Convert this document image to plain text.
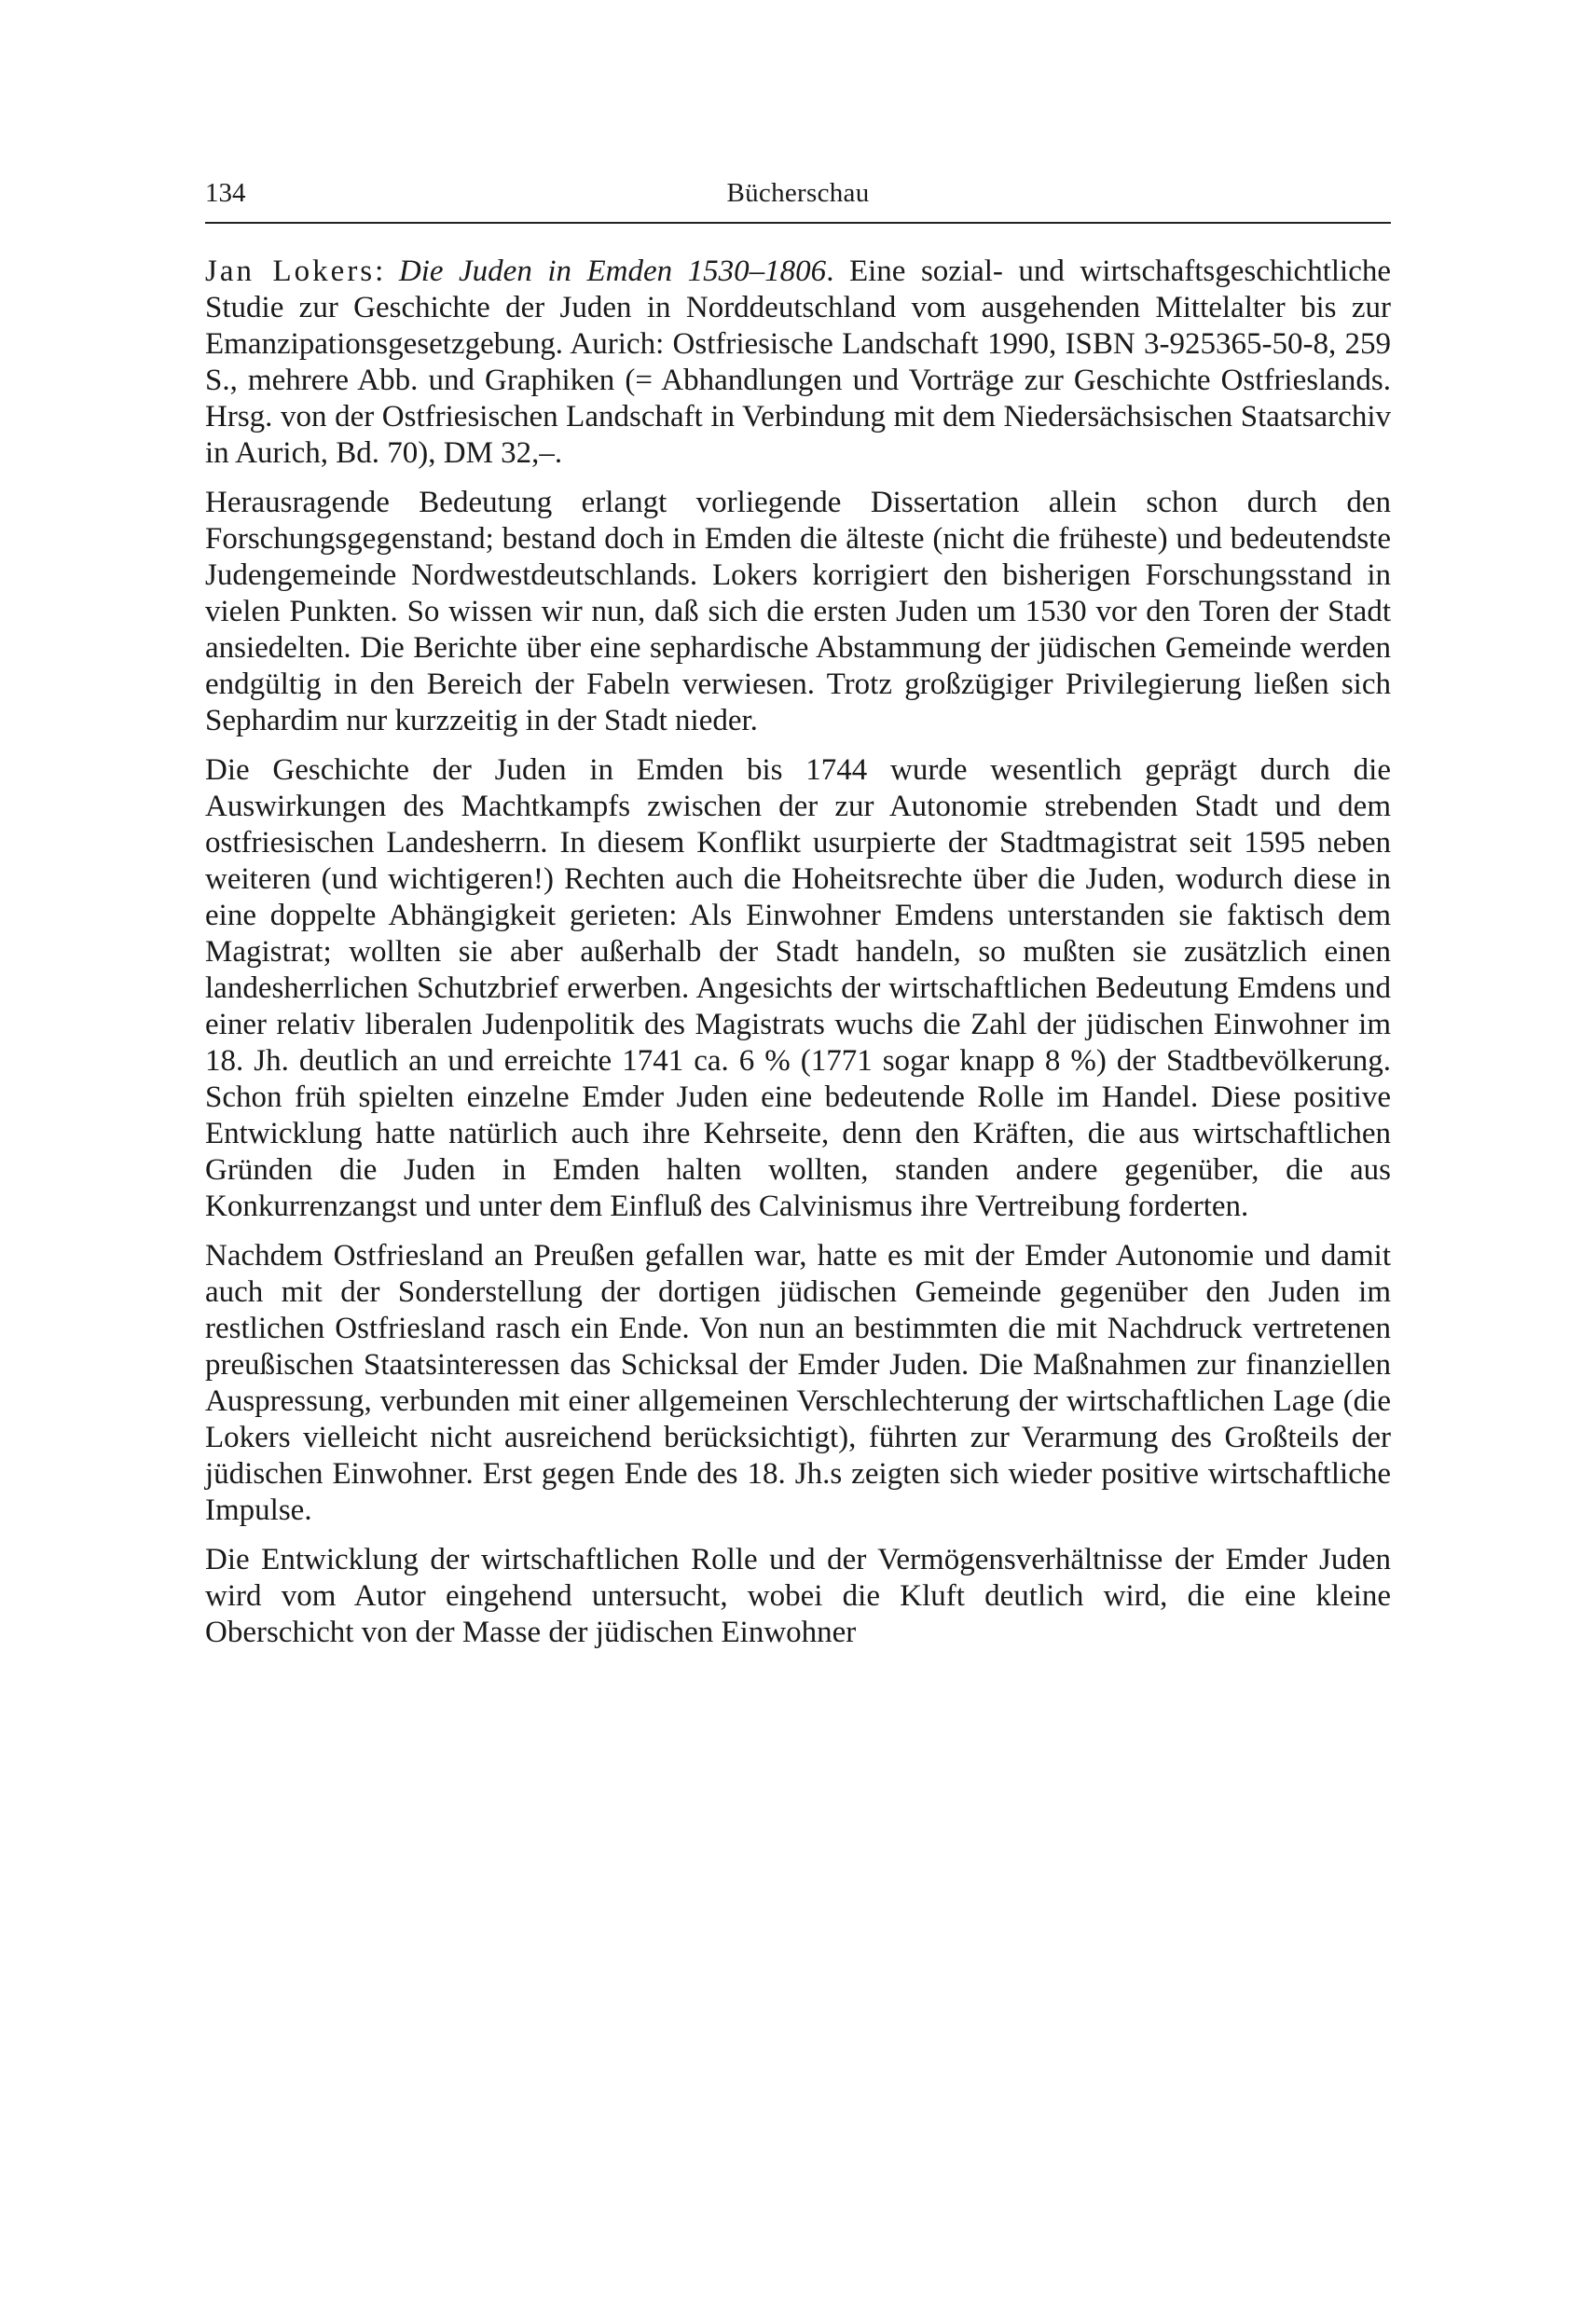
134	Bücherschau

Jan Lokers: Die Juden in Emden 1530–1806. Eine sozial- und wirtschaftsgeschichtliche Studie zur Geschichte der Juden in Norddeutschland vom ausgehenden Mittelalter bis zur Emanzipationsgesetzgebung. Aurich: Ostfriesische Landschaft 1990, ISBN 3-925365-50-8, 259 S., mehrere Abb. und Graphiken (= Abhandlungen und Vorträge zur Geschichte Ostfrieslands. Hrsg. von der Ostfriesischen Landschaft in Verbindung mit dem Niedersächsischen Staatsarchiv in Aurich, Bd. 70), DM 32,–.

Herausragende Bedeutung erlangt vorliegende Dissertation allein schon durch den Forschungsgegenstand; bestand doch in Emden die älteste (nicht die früheste) und bedeutendste Judengemeinde Nordwestdeutschlands. Lokers korrigiert den bisherigen Forschungsstand in vielen Punkten. So wissen wir nun, daß sich die ersten Juden um 1530 vor den Toren der Stadt ansiedelten. Die Berichte über eine sephardische Abstammung der jüdischen Gemeinde werden endgültig in den Bereich der Fabeln verwiesen. Trotz großzügiger Privilegierung ließen sich Sephardim nur kurzzeitig in der Stadt nieder.

Die Geschichte der Juden in Emden bis 1744 wurde wesentlich geprägt durch die Auswirkungen des Machtkampfs zwischen der zur Autonomie strebenden Stadt und dem ostfriesischen Landesherrn. In diesem Konflikt usurpierte der Stadtmagistrat seit 1595 neben weiteren (und wichtigeren!) Rechten auch die Hoheitsrechte über die Juden, wodurch diese in eine doppelte Abhängigkeit gerieten: Als Einwohner Emdens unterstanden sie faktisch dem Magistrat; wollten sie aber außerhalb der Stadt handeln, so mußten sie zusätzlich einen landesherrlichen Schutzbrief erwerben. Angesichts der wirtschaftlichen Bedeutung Emdens und einer relativ liberalen Judenpolitik des Magistrats wuchs die Zahl der jüdischen Einwohner im 18. Jh. deutlich an und erreichte 1741 ca. 6 % (1771 sogar knapp 8 %) der Stadtbevölkerung. Schon früh spielten einzelne Emder Juden eine bedeutende Rolle im Handel. Diese positive Entwicklung hatte natürlich auch ihre Kehrseite, denn den Kräften, die aus wirtschaftlichen Gründen die Juden in Emden halten wollten, standen andere gegenüber, die aus Konkurrenzangst und unter dem Einfluß des Calvinismus ihre Vertreibung forderten.

Nachdem Ostfriesland an Preußen gefallen war, hatte es mit der Emder Autonomie und damit auch mit der Sonderstellung der dortigen jüdischen Gemeinde gegenüber den Juden im restlichen Ostfriesland rasch ein Ende. Von nun an bestimmten die mit Nachdruck vertretenen preußischen Staatsinteressen das Schicksal der Emder Juden. Die Maßnahmen zur finanziellen Auspressung, verbunden mit einer allgemeinen Verschlechterung der wirtschaftlichen Lage (die Lokers vielleicht nicht ausreichend berücksichtigt), führten zur Verarmung des Großteils der jüdischen Einwohner. Erst gegen Ende des 18. Jh.s zeigten sich wieder positive wirtschaftliche Impulse.

Die Entwicklung der wirtschaftlichen Rolle und der Vermögensverhältnisse der Emder Juden wird vom Autor eingehend untersucht, wobei die Kluft deutlich wird, die eine kleine Oberschicht von der Masse der jüdischen Einwohner
